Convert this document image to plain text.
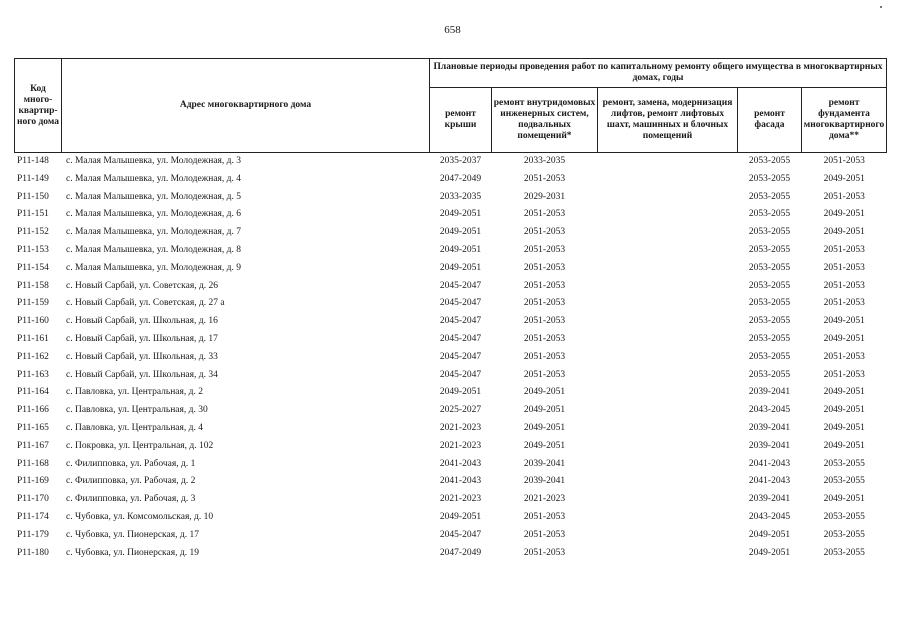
658
Код много-квартир-ного дома	Адрес многоквартирного дома	Плановые периоды проведения работ по капитальному ремонту общего имущества в многоквартирных домах, годы				
		ремонт крыши	ремонт внутридомовых инженерных систем, подвальных помещений*	ремонт, замена, модернизация лифтов, ремонт лифтовых шахт, машинных и блочных помещений	ремонт фасада	ремонт фундамента многоквартирного дома**
Р11-148	с. Малая Малышевка, ул. Молодежная, д. 3	2035-2037	2033-2035		2053-2055	2051-2053
Р11-149	с. Малая Малышевка, ул. Молодежная, д. 4	2047-2049	2051-2053		2053-2055	2049-2051
Р11-150	с. Малая Малышевка, ул. Молодежная, д. 5	2033-2035	2029-2031		2053-2055	2051-2053
Р11-151	с. Малая Малышевка, ул. Молодежная, д. 6	2049-2051	2051-2053		2053-2055	2049-2051
Р11-152	с. Малая Малышевка, ул. Молодежная, д. 7	2049-2051	2051-2053		2053-2055	2049-2051
Р11-153	с. Малая Малышевка, ул. Молодежная, д. 8	2049-2051	2051-2053		2053-2055	2051-2053
Р11-154	с. Малая Малышевка, ул. Молодежная, д. 9	2049-2051	2051-2053		2053-2055	2051-2053
Р11-158	с. Новый Сарбай, ул. Советская, д. 26	2045-2047	2051-2053		2053-2055	2051-2053
Р11-159	с. Новый Сарбай, ул. Советская, д. 27 а	2045-2047	2051-2053		2053-2055	2051-2053
Р11-160	с. Новый Сарбай, ул. Школьная, д. 16	2045-2047	2051-2053		2053-2055	2049-2051
Р11-161	с. Новый Сарбай, ул. Школьная, д. 17	2045-2047	2051-2053		2053-2055	2049-2051
Р11-162	с. Новый Сарбай, ул. Школьная, д. 33	2045-2047	2051-2053		2053-2055	2051-2053
Р11-163	с. Новый Сарбай, ул. Школьная, д. 34	2045-2047	2051-2053		2053-2055	2051-2053
Р11-164	с. Павловка, ул. Центральная, д. 2	2049-2051	2049-2051		2039-2041	2049-2051
Р11-166	с. Павловка, ул. Центральная, д. 30	2025-2027	2049-2051		2043-2045	2049-2051
Р11-165	с. Павловка, ул. Центральная, д. 4	2021-2023	2049-2051		2039-2041	2049-2051
Р11-167	с. Покровка, ул. Центральная, д. 102	2021-2023	2049-2051		2039-2041	2049-2051
Р11-168	с. Филипповка, ул. Рабочая, д. 1	2041-2043	2039-2041		2041-2043	2053-2055
Р11-169	с. Филипповка, ул. Рабочая, д. 2	2041-2043	2039-2041		2041-2043	2053-2055
Р11-170	с. Филипповка, ул. Рабочая, д. 3	2021-2023	2021-2023		2039-2041	2049-2051
Р11-174	с. Чубовка, ул. Комсомольская, д. 10	2049-2051	2051-2053		2043-2045	2053-2055
Р11-179	с. Чубовка, ул. Пионерская, д. 17	2045-2047	2051-2053		2049-2051	2053-2055
Р11-180	с. Чубовка, ул. Пионерская, д. 19	2047-2049	2051-2053		2049-2051	2053-2055
